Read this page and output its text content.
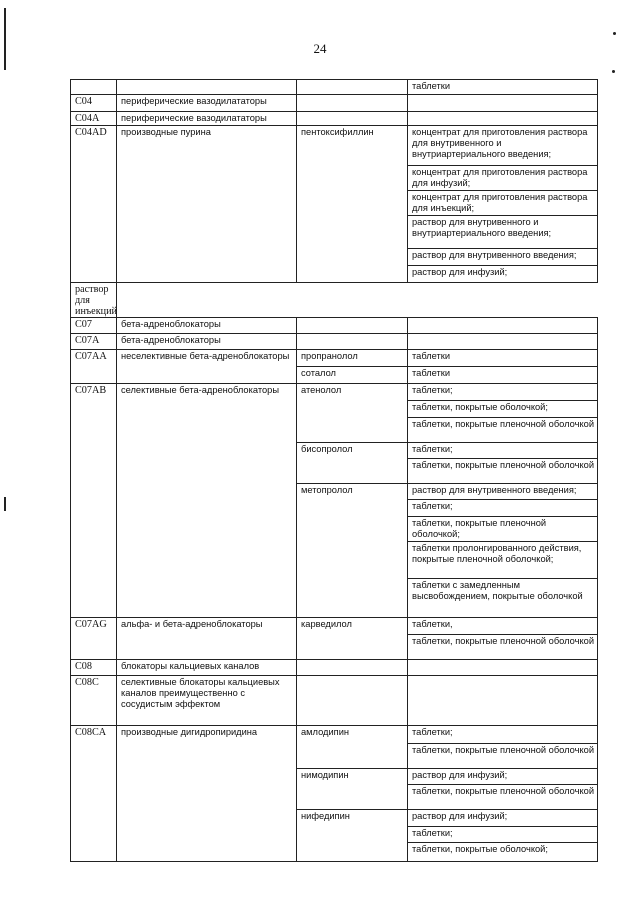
24
			таблетки
C04	периферические вазодилататоры		
C04A	периферические вазодилататоры		
C04AD	производные пурина	пентоксифиллин	концентрат для приготовления раствора для внутривенного и внутриартериального введения;
			концентрат для приготовления раствора для инфузий;
			концентрат для приготовления раствора для инъекций;
			раствор для внутривенного и внутриартериального введения;
			раствор для внутривенного введения;
			раствор для инфузий;
раствор для инъекций			
C07	бета-адреноблокаторы		
C07A	бета-адреноблокаторы		
C07AA	неселективные бета-адреноблокаторы	пропранолол	таблетки
		соталол	таблетки
C07AB	селективные бета-адреноблокаторы	атенолол	таблетки;
			таблетки, покрытые оболочкой;
			таблетки, покрытые пленочной оболочкой
		бисопролол	таблетки;
			таблетки, покрытые пленочной оболочкой
		метопролол	раствор для внутривенного введения;
			таблетки;
			таблетки, покрытые пленочной оболочкой;
			таблетки пролонгированного действия, покрытые пленочной оболочкой;
			таблетки с замедленным высвобождением, покрытые оболочкой
C07AG	альфа- и бета-адреноблокаторы	карведилол	таблетки,
			таблетки, покрытые пленочной оболочкой
C08	блокаторы кальциевых каналов		
C08C	селективные блокаторы кальциевых каналов преимущественно с сосудистым эффектом		
C08CA	производные дигидропиридина	амлодипин	таблетки;
			таблетки, покрытые пленочной оболочкой
		нимодипин	раствор для инфузий;
			таблетки, покрытые пленочной оболочкой
		нифедипин	раствор для инфузий;
			таблетки;
			таблетки, покрытые оболочкой;
